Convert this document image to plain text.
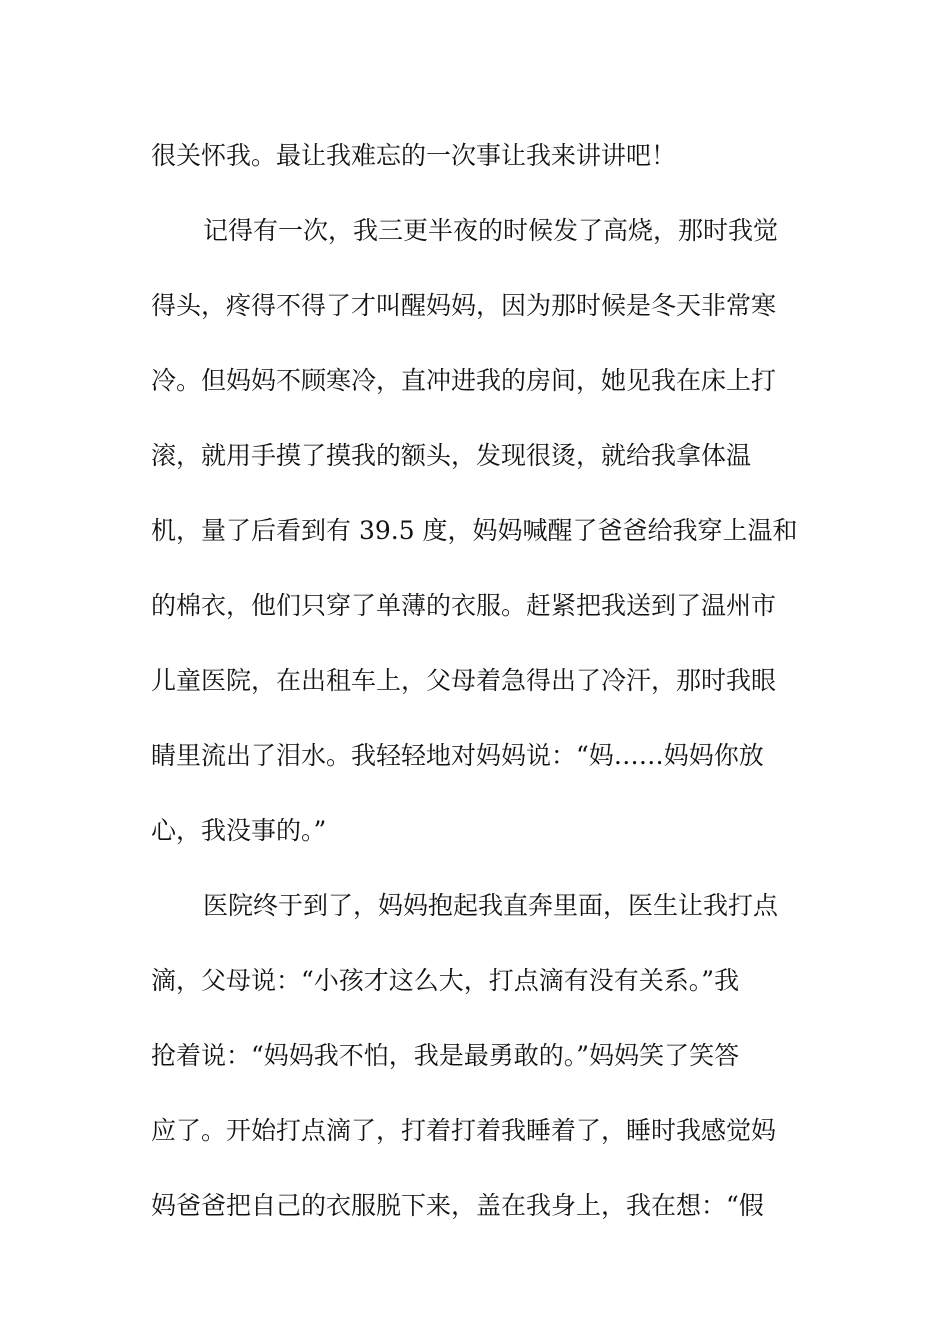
很关怀我。最让我难忘的一次事让我来讲讲吧！
记得有一次，我三更半夜的时候发了高烧，那时我觉
得头，疼得不得了才叫醒妈妈，因为那时候是冬天非常寒
冷。但妈妈不顾寒冷，直冲进我的房间，她见我在床上打
滚，就用手摸了摸我的额头，发现很烫，就给我拿体温
机，量了后看到有 39.5 度，妈妈喊醒了爸爸给我穿上温和
的棉衣，他们只穿了单薄的衣服。赶紧把我送到了温州市
儿童医院，在出租车上，父母着急得出了冷汗，那时我眼
睛里流出了泪水。我轻轻地对妈妈说：“妈……妈妈你放
心，我没事的。”
医院终于到了，妈妈抱起我直奔里面，医生让我打点
滴，父母说：“小孩才这么大，打点滴有没有关系。”我
抢着说：“妈妈我不怕，我是最勇敢的。”妈妈笑了笑答
应了。开始打点滴了，打着打着我睡着了，睡时我感觉妈
妈爸爸把自己的衣服脱下来，盖在我身上，我在想：“假
